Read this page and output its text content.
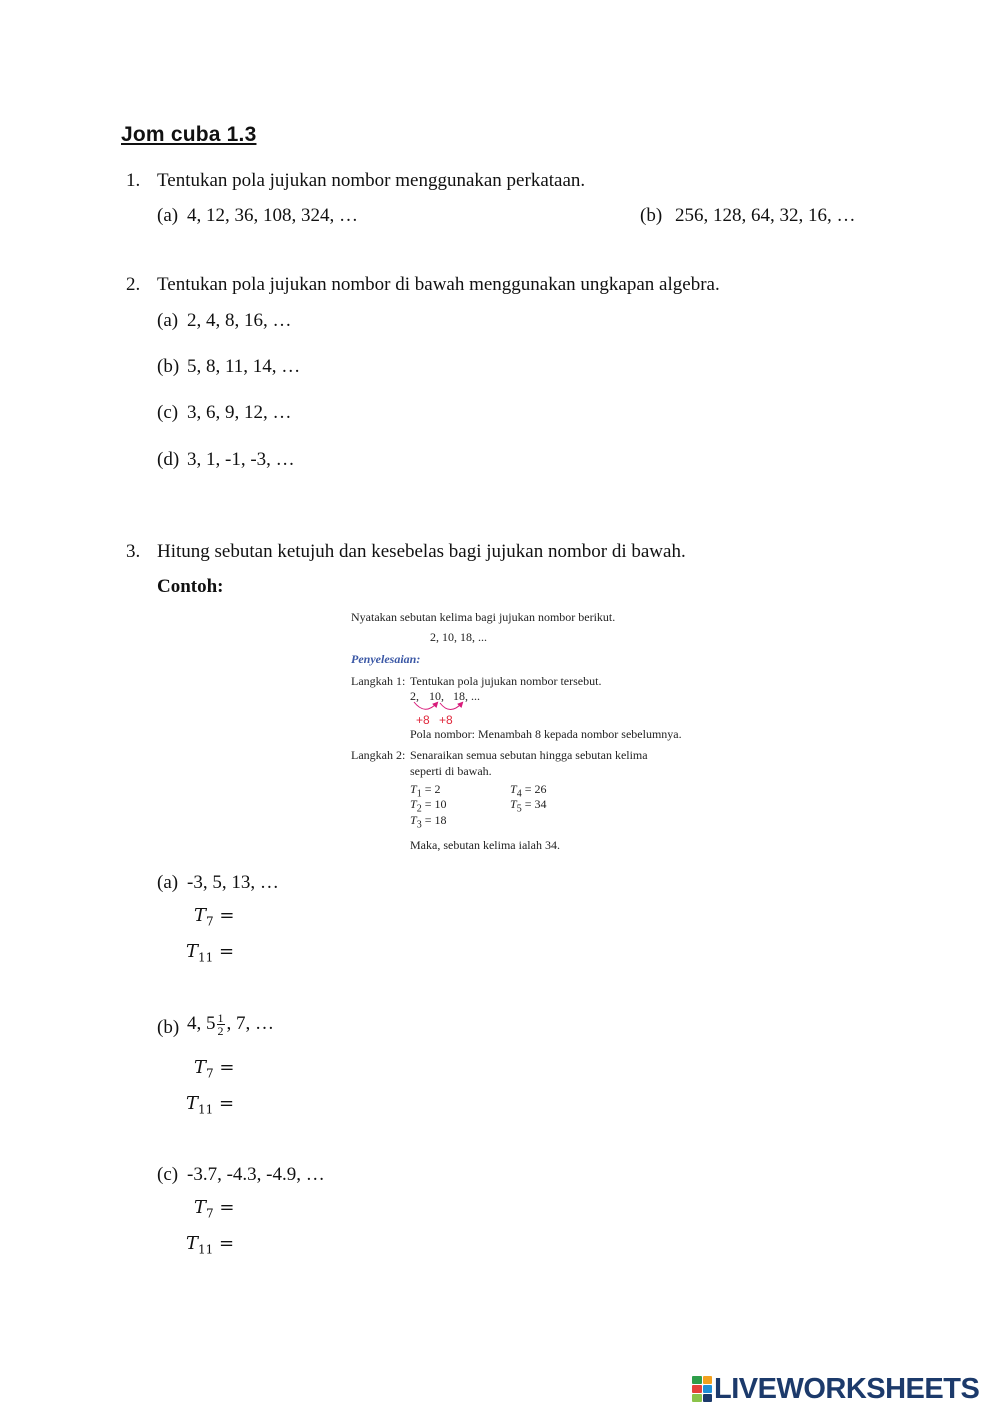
Jom cuba 1.3
1. Tentukan pola jujukan nombor menggunakan perkataan.
(a) 4, 12, 36, 108, 324, …	(b) 256, 128, 64, 32, 16, …
2. Tentukan pola jujukan nombor di bawah menggunakan ungkapan algebra.
(a) 2, 4, 8, 16, …
(b) 5, 8, 11, 14, …
(c) 3, 6, 9, 12, …
(d) 3, 1, -1, -3, …
3. Hitung sebutan ketujuh dan kesebelas bagi jujukan nombor di bawah.
Contoh:
Nyatakan sebutan kelima bagi jujukan nombor berikut.
2, 10, 18, ...
Penyelesaian:
Langkah 1: Tentukan pola jujukan nombor tersebut.
2, 10, 18, ...
+8 +8
Pola nombor: Menambah 8 kepada nombor sebelumnya.
Langkah 2: Senaraikan semua sebutan hingga sebutan kelima
seperti di bawah.
$T_1 = 2$
$T_2 = 10$
$T_3 = 18$
$T_4 = 26$
$T_5 = 34$
Maka, sebutan kelima ialah 34.
(a) -3, 5, 13, …
$T_7$ =
$T_{11}$ =
(b) 4, $5 \frac{1}{2}$ , 7, …
$T_7$ =
$T_{11}$ =
(c) -3.7, -4.3, -4.9, …
$T_7$ =
$T_{11}$ =
LIVEWORKSHEETS
